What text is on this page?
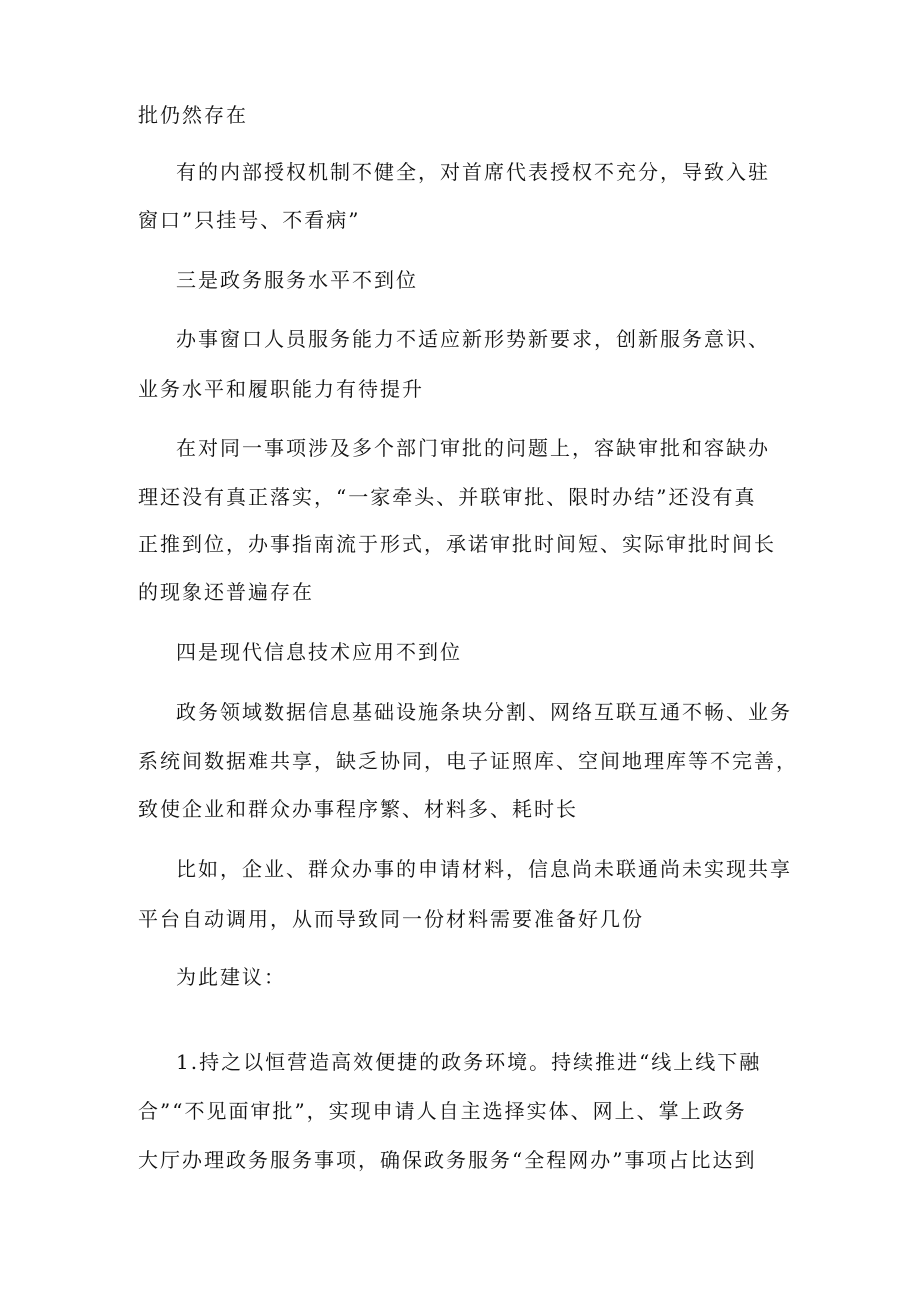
批仍然存在
有的内部授权机制不健全，对首席代表授权不充分，导致入驻
窗口”只挂号、不看病”
三是政务服务水平不到位
办事窗口人员服务能力不适应新形势新要求，创新服务意识、
业务水平和履职能力有待提升
在对同一事项涉及多个部门审批的问题上，容缺审批和容缺办
理还没有真正落实，“一家牵头、并联审批、限时办结”还没有真
正推到位，办事指南流于形式，承诺审批时间短、实际审批时间长
的现象还普遍存在
四是现代信息技术应用不到位
政务领域数据信息基础设施条块分割、网络互联互通不畅、业务
系统间数据难共享，缺乏协同，电子证照库、空间地理库等不完善，
致使企业和群众办事程序繁、材料多、耗时长
比如，企业、群众办事的申请材料，信息尚未联通尚未实现共享
平台自动调用，从而导致同一份材料需要准备好几份
为此建议：
1.持之以恒营造高效便捷的政务环境。持续推进“线上线下融
合”“不见面审批”，实现申请人自主选择实体、网上、掌上政务
大厅办理政务服务事项，确保政务服务“全程网办”事项占比达到
